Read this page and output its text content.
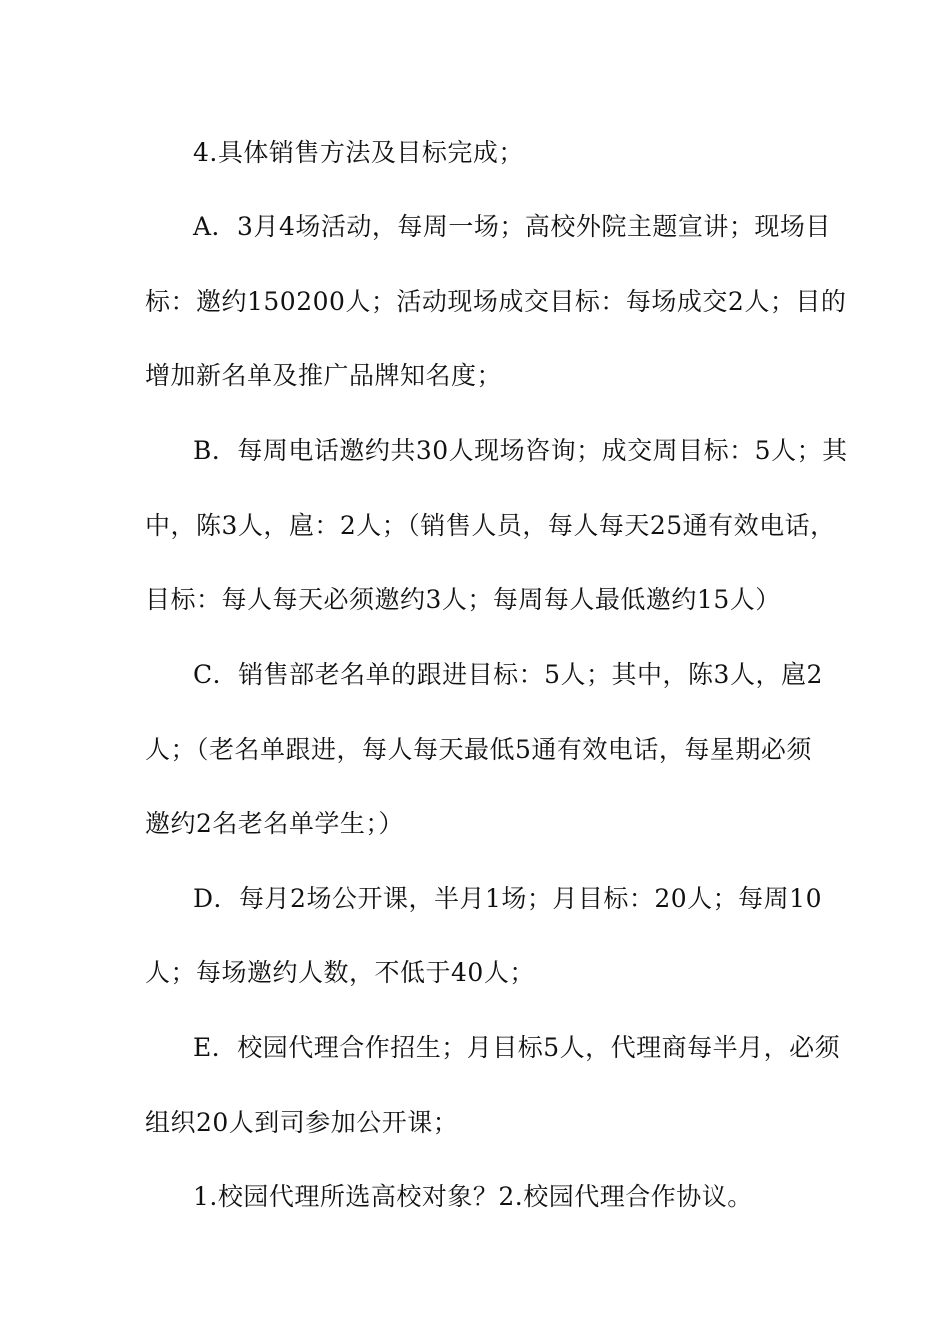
4.具体销售方法及目标完成；
A．3月4场活动，每周一场；高校外院主题宣讲；现场目
标：邀约150200人；活动现场成交目标：每场成交2人；目的
增加新名单及推广品牌知名度；
B．每周电话邀约共30人现场咨询；成交周目标：5人；其
中，陈3人，扈：2人；（销售人员，每人每天25通有效电话，
目标：每人每天必须邀约3人；每周每人最低邀约15人）
C．销售部老名单的跟进目标：5人；其中，陈3人，扈2
人；（老名单跟进，每人每天最低5通有效电话，每星期必须
邀约2名老名单学生；）
D．每月2场公开课，半月1场；月目标：20人；每周10
人；每场邀约人数，不低于40人；
E．校园代理合作招生；月目标5人，代理商每半月，必须
组织20人到司参加公开课；
1.校园代理所选高校对象？2.校园代理合作协议。
